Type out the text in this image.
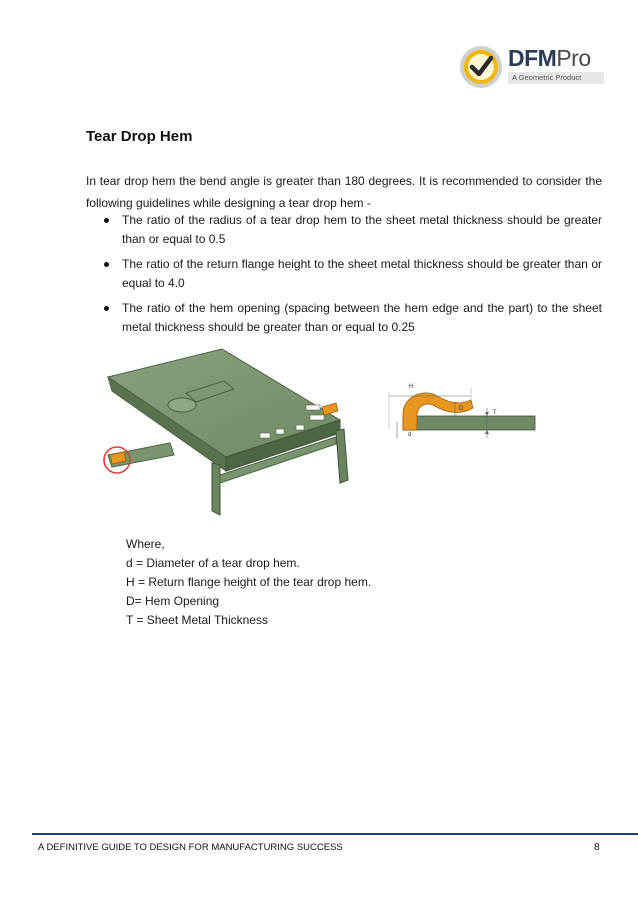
DFMPro
A Geometric Product
Tear Drop Hem
In tear drop hem the bend angle is greater than 180 degrees. It is recommended to consider the following guidelines while designing a tear drop hem -
The ratio of the radius of a tear drop hem to the sheet metal thickness should be greater than or equal to 0.5
The ratio of the return flange height to the sheet metal thickness should be greater than or equal to 4.0
The ratio of the hem opening (spacing between the hem edge and the part) to the sheet metal thickness should be greater than or equal to 0.25
H
d
D
T
Where,
d = Diameter of a tear drop hem.
H = Return flange height of the tear drop hem.
D= Hem Opening
T = Sheet Metal Thickness
A DEFINITIVE GUIDE TO DESIGN FOR MANUFACTURING SUCCESS	8
